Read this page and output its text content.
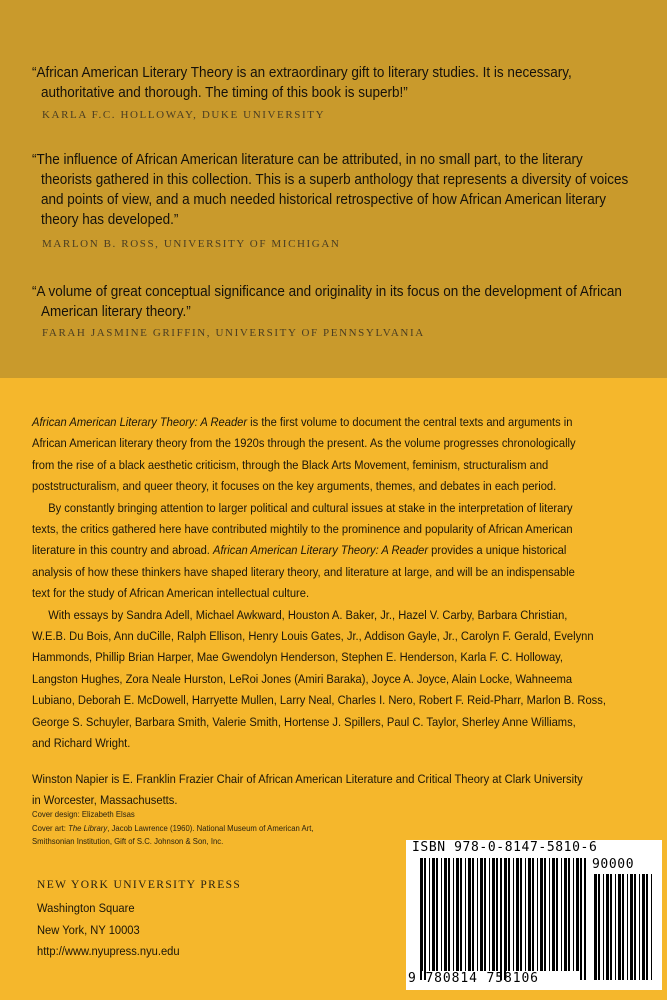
“African American Literary Theory is an extraordinary gift to literary studies. It is necessary,
authoritative and thorough. The timing of this book is superb!”
KARLA F.C. HOLLOWAY, DUKE UNIVERSITY
“The influence of African American literature can be attributed, in no small part, to the literary
theorists gathered in this collection. This is a superb anthology that represents a diversity of voices
and points of view, and a much needed historical retrospective of how African American literary
theory has developed.”
MARLON B. ROSS, UNIVERSITY OF MICHIGAN
“A volume of great conceptual significance and originality in its focus on the development of African
American literary theory.”
FARAH JASMINE GRIFFIN, UNIVERSITY OF PENNSYLVANIA

African American Literary Theory: A Reader is the first volume to document the central texts and arguments in
African American literary theory from the 1920s through the present. As the volume progresses chronologically
from the rise of a black aesthetic criticism, through the Black Arts Movement, feminism, structuralism and
poststructuralism, and queer theory, it focuses on the key arguments, themes, and debates in each period.

By constantly bringing attention to larger political and cultural issues at stake in the interpretation of literary
texts, the critics gathered here have contributed mightily to the prominence and popularity of African American
literature in this country and abroad. African American Literary Theory: A Reader provides a unique historical
analysis of how these thinkers have shaped literary theory, and literature at large, and will be an indispensable
text for the study of African American intellectual culture.

With essays by Sandra Adell, Michael Awkward, Houston A. Baker, Jr., Hazel V. Carby, Barbara Christian,
W.E.B. Du Bois, Ann duCille, Ralph Ellison, Henry Louis Gates, Jr., Addison Gayle, Jr., Carolyn F. Gerald, Evelynn
Hammonds, Phillip Brian Harper, Mae Gwendolyn Henderson, Stephen E. Henderson, Karla F. C. Holloway,
Langston Hughes, Zora Neale Hurston, LeRoi Jones (Amiri Baraka), Joyce A. Joyce, Alain Locke, Wahneema
Lubiano, Deborah E. McDowell, Harryette Mullen, Larry Neal, Charles I. Nero, Robert F. Reid-Pharr, Marlon B. Ross,
George S. Schuyler, Barbara Smith, Valerie Smith, Hortense J. Spillers, Paul C. Taylor, Sherley Anne Williams,
and Richard Wright.

Winston Napier is E. Franklin Frazier Chair of African American Literature and Critical Theory at Clark University
in Worcester, Massachusetts.

Cover design: Elizabeth Elsas
Cover art: The Library, Jacob Lawrence (1960). National Museum of American Art,
Smithsonian Institution, Gift of S.C. Johnson & Son, Inc.
NEW YORK UNIVERSITY PRESS
Washington Square
New York, NY 10003
http://www.nyupress.nyu.edu
ISBN 978-0-8147-5810-6
90000
9 780814 758106
